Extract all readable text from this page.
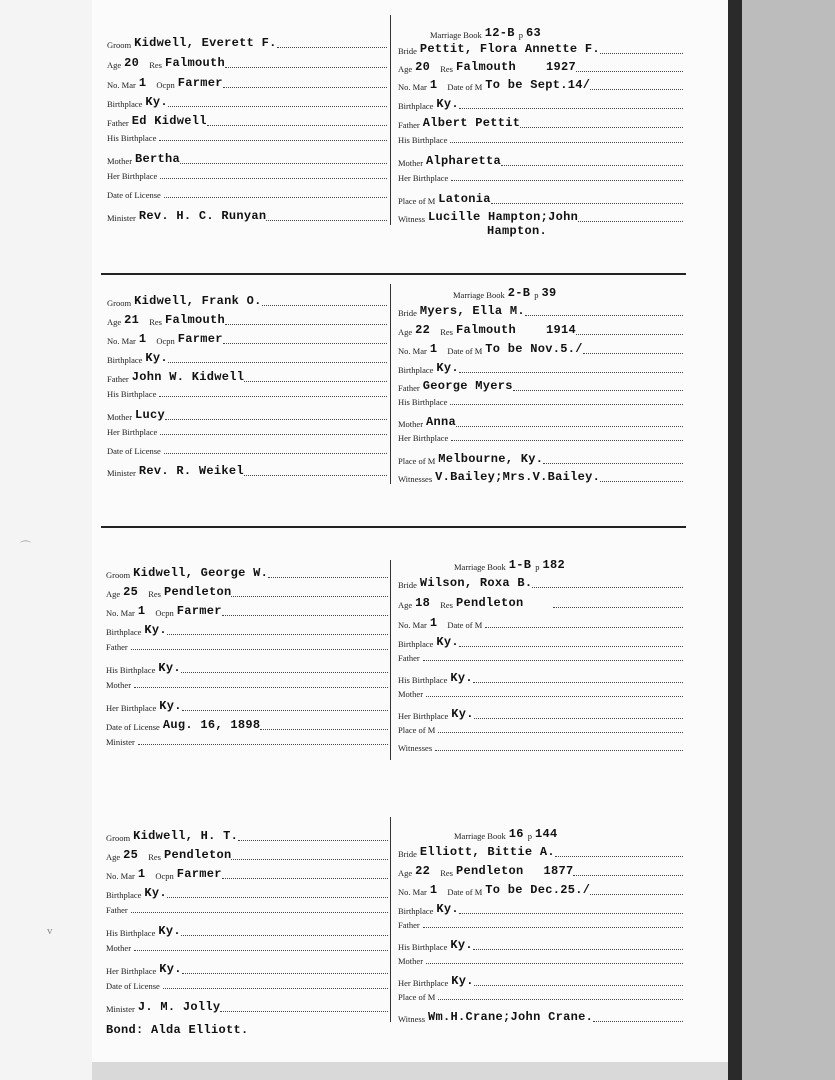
⌒
v
Groom Kidwell, Everett F.
Age 20 Res Falmouth
No. Mar 1 Ocpn Farmer
Birthplace Ky.
Father Ed Kidwell
His Birthplace
Mother Bertha
Her Birthplace
Date of License
Minister Rev. H. C. Runyan
Marriage Book 12-B p 63
Bride Pettit, Flora Annette F.
Age 20 Res Falmouth	1927
No. Mar 1 Date of M To be Sept.14/
Birthplace Ky.
Father Albert Pettit
His Birthplace
Mother Alpharetta
Her Birthplace
Place of M Latonia
Witness Lucille Hampton;John
Hampton.
Groom Kidwell, Frank O.
Age 21 Res Falmouth
No. Mar 1 Ocpn Farmer
Birthplace Ky.
Father John W. Kidwell
His Birthplace
Mother Lucy
Her Birthplace
Date of License
Minister Rev. R. Weikel
Marriage Book 2-B p 39
Bride Myers, Ella M.
Age 22 Res Falmouth	1914
No. Mar 1 Date of M To be Nov.5./
Birthplace Ky.
Father George Myers
His Birthplace
Mother Anna
Her Birthplace
Place of M Melbourne, Ky.
Witnesses V.Bailey;Mrs.V.Bailey.
Groom Kidwell, George W.
Age 25 Res Pendleton
No. Mar 1 Ocpn Farmer
Birthplace Ky.
Father
His Birthplace Ky.
Mother
Her Birthplace Ky.
Date of License Aug. 16, 1898
Minister
Marriage Book 1-B p 182
Bride Wilson, Roxa B.
Age 18 Res Pendleton
No. Mar 1 Date of M
Birthplace Ky.
Father
His Birthplace Ky.
Mother
Her Birthplace Ky.
Place of M
Witnesses
Groom Kidwell, H. T.
Age 25 Res Pendleton
No. Mar 1 Ocpn Farmer
Birthplace Ky.
Father
His Birthplace Ky.
Mother
Her Birthplace Ky.
Date of License
Minister J. M. Jolly
Bond: Alda Elliott.
Marriage Book 16 p 144
Bride Elliott, Bittie A.
Age 22 Res Pendleton 1877
No. Mar 1 Date of M To be Dec.25./
Birthplace Ky.
Father
His Birthplace Ky.
Mother
Her Birthplace Ky.
Place of M
Witness Wm.H.Crane;John Crane.
